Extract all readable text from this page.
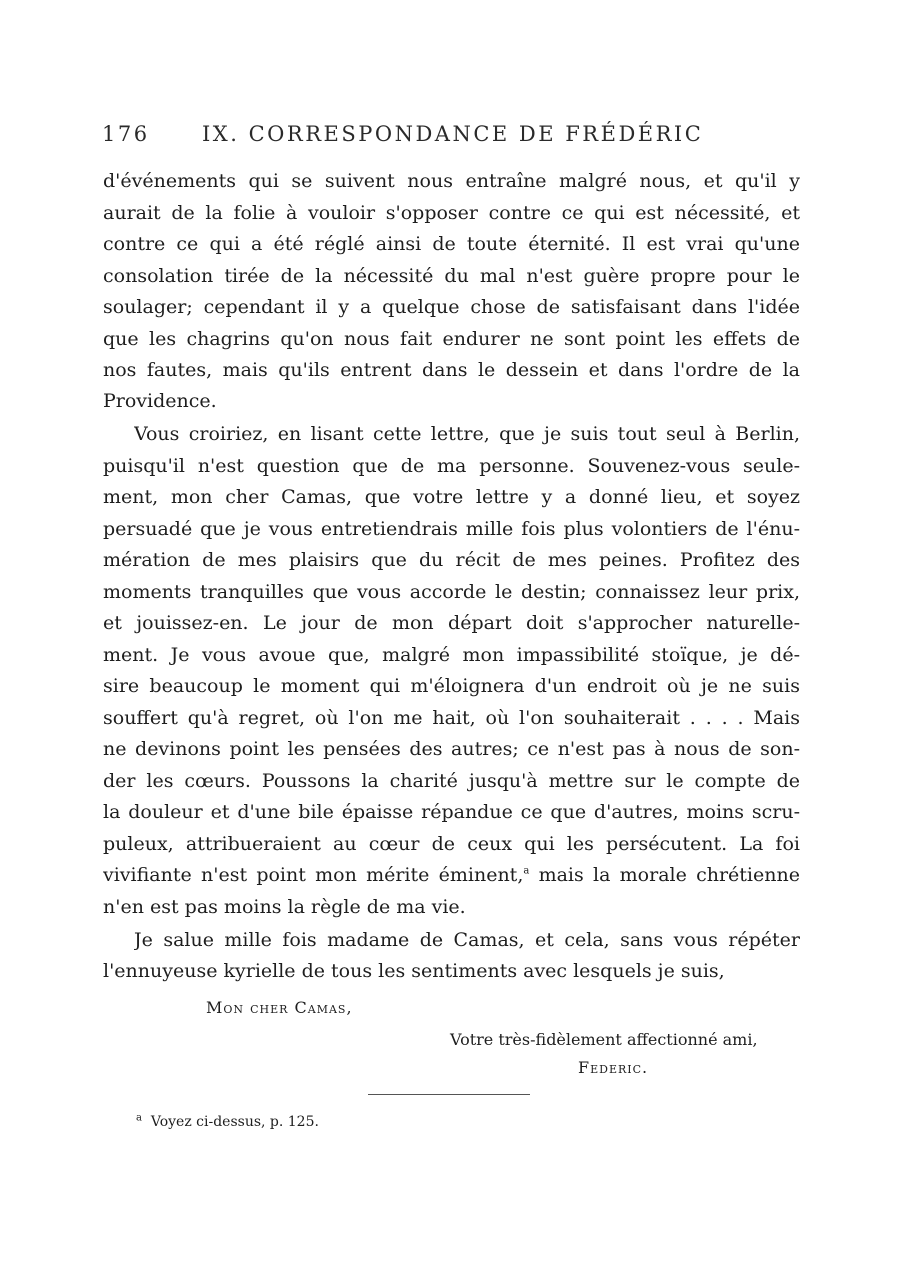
176 IX. CORRESPONDANCE DE FRÉDÉRIC
d'événements qui se suivent nous entraîne malgré nous, et qu'il y
aurait de la folie à vouloir s'opposer contre ce qui est nécessité, et
contre ce qui a été réglé ainsi de toute éternité. Il est vrai qu'une
consolation tirée de la nécessité du mal n'est guère propre pour le
soulager; cependant il y a quelque chose de satisfaisant dans l'idée
que les chagrins qu'on nous fait endurer ne sont point les effets de
nos fautes, mais qu'ils entrent dans le dessein et dans l'ordre de la
Providence.
Vous croiriez, en lisant cette lettre, que je suis tout seul à Berlin,
puisqu'il n'est question que de ma personne. Souvenez-vous seule-
ment, mon cher Camas, que votre lettre y a donné lieu, et soyez
persuadé que je vous entretiendrais mille fois plus volontiers de l'énu-
mération de mes plaisirs que du récit de mes peines. Profitez des
moments tranquilles que vous accorde le destin; connaissez leur prix,
et jouissez-en. Le jour de mon départ doit s'approcher naturelle-
ment. Je vous avoue que, malgré mon impassibilité stoïque, je dé-
sire beaucoup le moment qui m'éloignera d'un endroit où je ne suis
souffert qu'à regret, où l'on me hait, où l'on souhaiterait . . . . Mais
ne devinons point les pensées des autres; ce n'est pas à nous de son-
der les cœurs. Poussons la charité jusqu'à mettre sur le compte de
la douleur et d'une bile épaisse répandue ce que d'autres, moins scru-
puleux, attribueraient au cœur de ceux qui les persécutent. La foi
vivifiante n'est point mon mérite éminent,$^a$ mais la morale chrétienne
n'en est pas moins la règle de ma vie.
Je salue mille fois madame de Camas, et cela, sans vous répéter
l'ennuyeuse kyrielle de tous les sentiments avec lesquels je suis,
Mon cher Camas,
Votre très-fidèlement affectionné ami,
Federic.
$^a$ Voyez ci-dessus, p. 125.
